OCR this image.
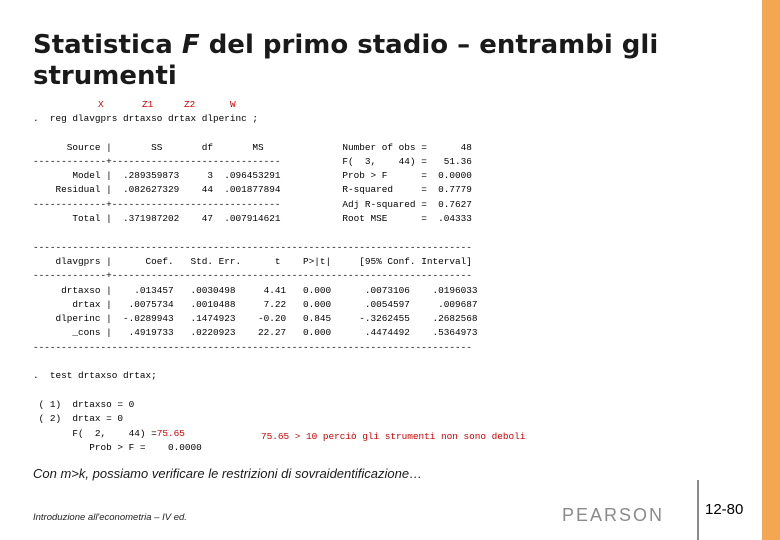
Statistica F del primo stadio – entrambi gli strumenti
X	Z1	Z2	W
.  reg dlavgprs drtaxso drtax dlperinc ;

Source |       SS       df       MS              Number of obs =      48
-------------+------------------------------           F(  3,    44) =   51.36
Model |  .289359873     3  .096453291           Prob > F      =  0.0000
Residual |  .082627329    44  .001877894           R-squared     =  0.7779
-------------+------------------------------           Adj R-squared =  0.7627
Total |  .371987202    47  .007914621           Root MSE      =  .04333

------------------------------------------------------------------------------
dlavgprs |      Coef.   Std. Err.      t    P>|t|     [95% Conf. Interval]
-------------+----------------------------------------------------------------
drtaxso |    .013457   .0030498     4.41   0.000      .0073106    .0196033
drtax |   .0075734   .0010488     7.22   0.000      .0054597     .009687
dlperinc |  -.0289943   .1474923    -0.20   0.845     -.3262455    .2682568
_cons |   .4919733   .0220923    22.27   0.000      .4474492    .5364973
------------------------------------------------------------------------------

.  test drtaxso drtax;

( 1)  drtaxso = 0
( 2)  drtax = 0
F(  2,    44) =75.65
Prob > F =    0.0000
75.65 > 10 perciò gli strumenti non sono deboli
Con m>k, possiamo verificare le restrizioni di sovraidentificazione…
Introduzione all'econometria – IV ed.	PEARSON	12-80
